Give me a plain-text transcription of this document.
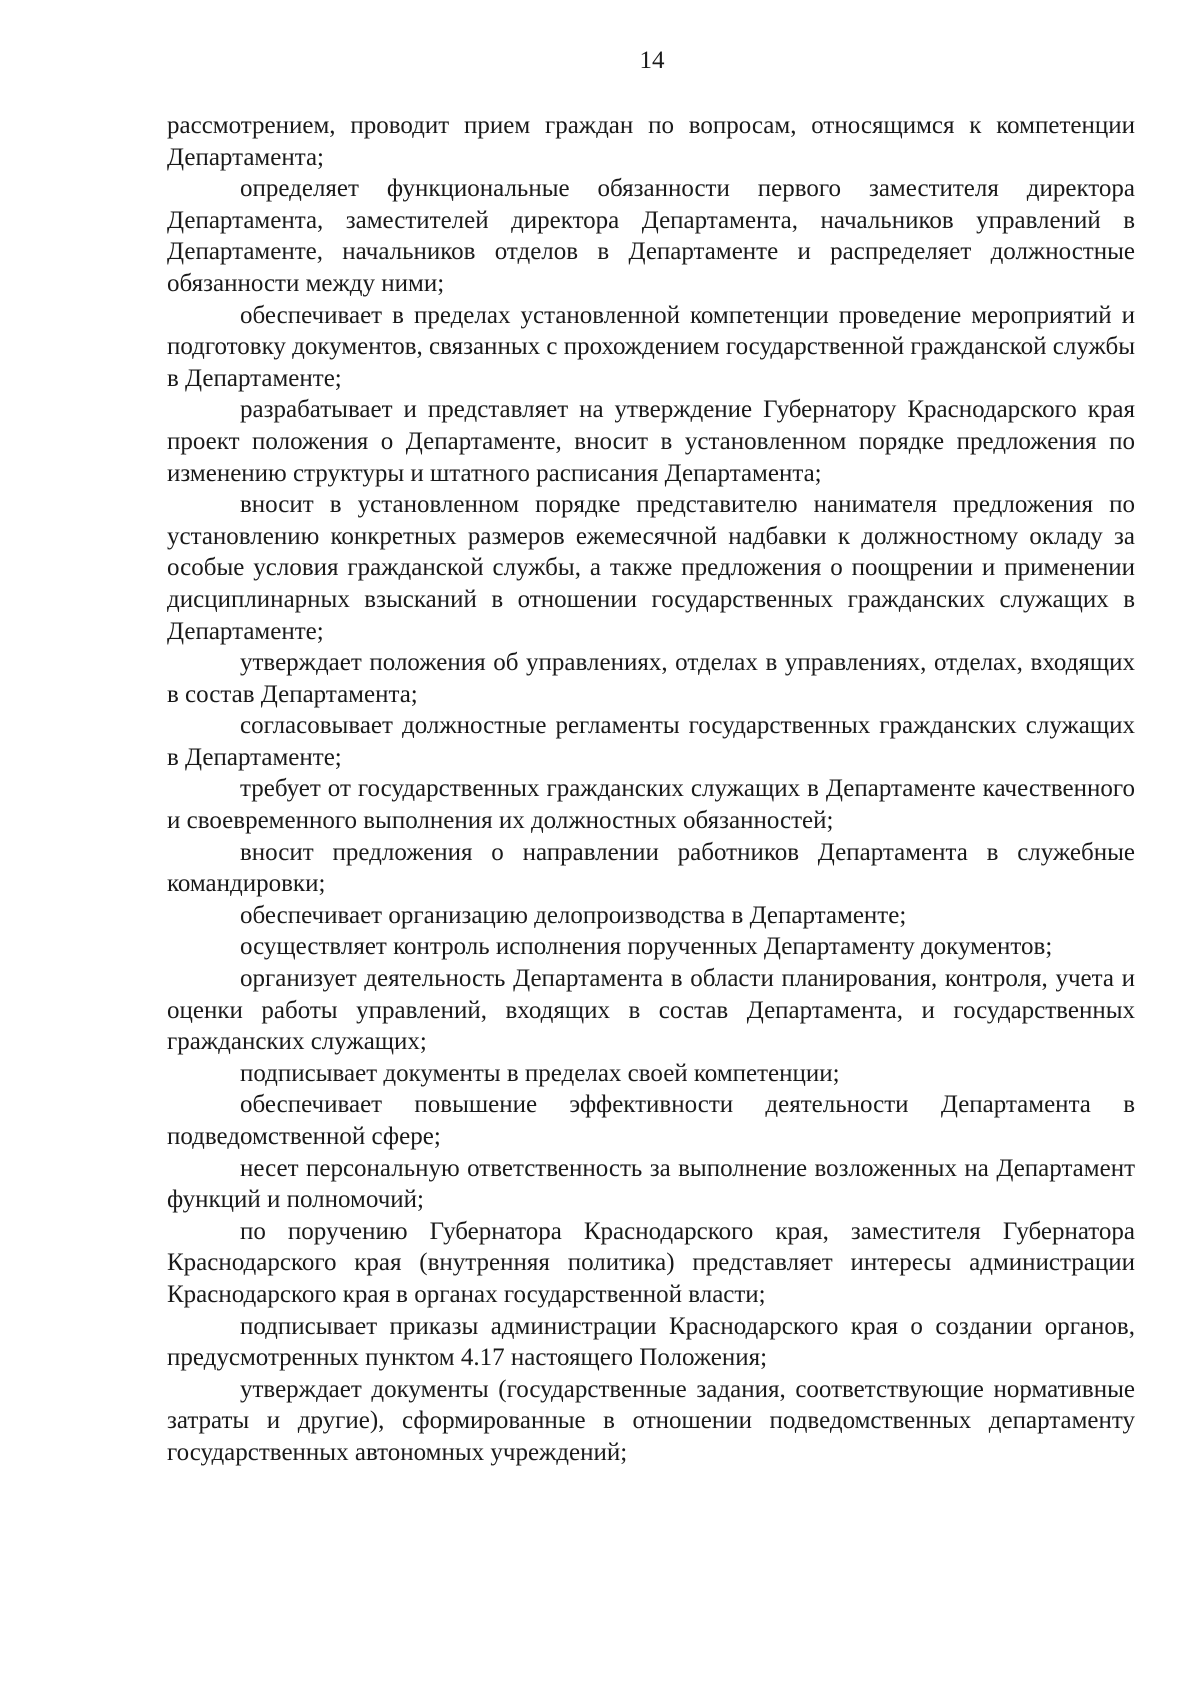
14

рассмотрением, проводит прием граждан по вопросам, относящимся к компетенции Департамента;

определяет функциональные обязанности первого заместителя директора Департамента, заместителей директора Департамента, начальников управлений в Департаменте, начальников отделов в Департаменте и распределяет должностные обязанности между ними;

обеспечивает в пределах установленной компетенции проведение мероприятий и подготовку документов, связанных с прохождением государственной гражданской службы в Департаменте;

разрабатывает и представляет на утверждение Губернатору Краснодарского края проект положения о Департаменте, вносит в установленном порядке предложения по изменению структуры и штатного расписания Департамента;

вносит в установленном порядке представителю нанимателя предложения по установлению конкретных размеров ежемесячной надбавки к должностному окладу за особые условия гражданской службы, а также предложения о поощрении и применении дисциплинарных взысканий в отношении государственных гражданских служащих в Департаменте;

утверждает положения об управлениях, отделах в управлениях, отделах, входящих в состав Департамента;

согласовывает должностные регламенты государственных гражданских служащих в Департаменте;

требует от государственных гражданских служащих в Департаменте качественного и своевременного выполнения их должностных обязанностей;

вносит предложения о направлении работников Департамента в служебные командировки;

обеспечивает организацию делопроизводства в Департаменте;

осуществляет контроль исполнения порученных Департаменту документов;

организует деятельность Департамента в области планирования, контроля, учета и оценки работы управлений, входящих в состав Департамента, и государственных гражданских служащих;

подписывает документы в пределах своей компетенции;

обеспечивает повышение эффективности деятельности Департамента в подведомственной сфере;

несет персональную ответственность за выполнение возложенных на Департамент функций и полномочий;

по поручению Губернатора Краснодарского края, заместителя Губернатора Краснодарского края (внутренняя политика) представляет интересы администрации Краснодарского края в органах государственной власти;

подписывает приказы администрации Краснодарского края о создании органов, предусмотренных пунктом 4.17 настоящего Положения;

утверждает документы (государственные задания, соответствующие нормативные затраты и другие), сформированные в отношении подведомственных департаменту государственных автономных учреждений;
